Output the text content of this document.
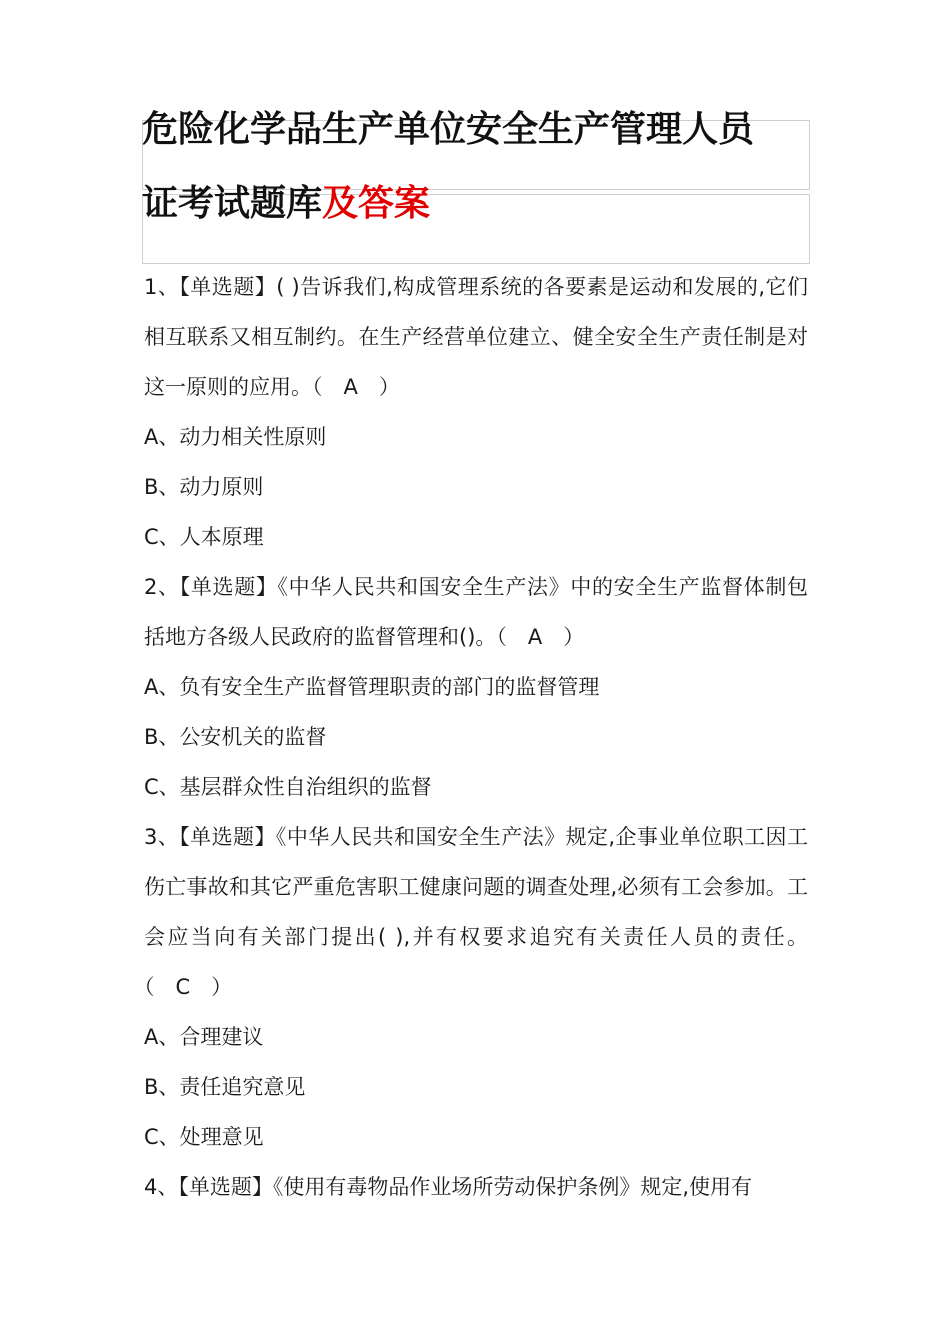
危险化学品生产单位安全生产管理人员
证考试题库及答案

1、【单选题】( )告诉我们,构成管理系统的各要素是运动和发展的,它们相互联系又相互制约。在生产经营单位建立、健全安全生产责任制是对这一原则的应用。（　A　）

A、动力相关性原则

B、动力原则

C、人本原理

2、【单选题】《中华人民共和国安全生产法》中的安全生产监督体制包括地方各级人民政府的监督管理和()。（　A　）

A、负有安全生产监督管理职责的部门的监督管理

B、公安机关的监督

C、基层群众性自治组织的监督

3、【单选题】《中华人民共和国安全生产法》规定,企事业单位职工因工伤亡事故和其它严重危害职工健康问题的调查处理,必须有工会参加。工会应当向有关部门提出( ),并有权要求追究有关责任人员的责任。（　C　）

A、合理建议

B、责任追究意见

C、处理意见

4、【单选题】《使用有毒物品作业场所劳动保护条例》规定,使用有
